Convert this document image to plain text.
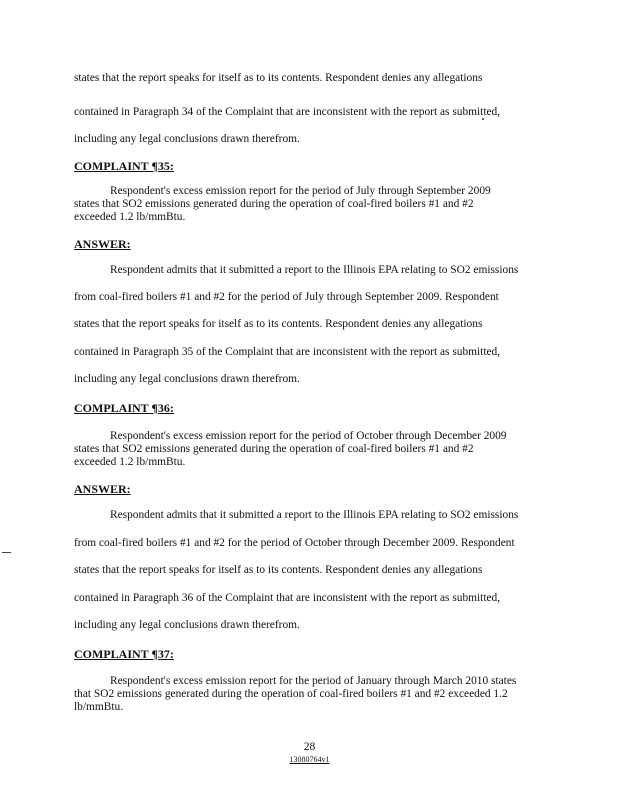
states that the report speaks for itself as to its contents. Respondent denies any allegations
contained in Paragraph 34 of the Complaint that are inconsistent with the report as submitted,
including any legal conclusions drawn therefrom.
COMPLAINT ¶35:
Respondent's excess emission report for the period of July through September 2009
states that SO2 emissions generated during the operation of coal-fired boilers #1 and #2
exceeded 1.2 lb/mmBtu.
ANSWER:
Respondent admits that it submitted a report to the Illinois EPA relating to SO2 emissions
from coal-fired boilers #1 and #2 for the period of July through September 2009. Respondent
states that the report speaks for itself as to its contents. Respondent denies any allegations
contained in Paragraph 35 of the Complaint that are inconsistent with the report as submitted,
including any legal conclusions drawn therefrom.
COMPLAINT ¶36:
Respondent's excess emission report for the period of October through December 2009
states that SO2 emissions generated during the operation of coal-fired boilers #1 and #2
exceeded 1.2 lb/mmBtu.
ANSWER:
Respondent admits that it submitted a report to the Illinois EPA relating to SO2 emissions
from coal-fired boilers #1 and #2 for the period of October through December 2009. Respondent
states that the report speaks for itself as to its contents. Respondent denies any allegations
contained in Paragraph 36 of the Complaint that are inconsistent with the report as submitted,
including any legal conclusions drawn therefrom.
COMPLAINT ¶37:
Respondent's excess emission report for the period of January through March 2010 states
that SO2 emissions generated during the operation of coal-fired boilers #1 and #2 exceeded 1.2
lb/mmBtu.
28
13080764v1
